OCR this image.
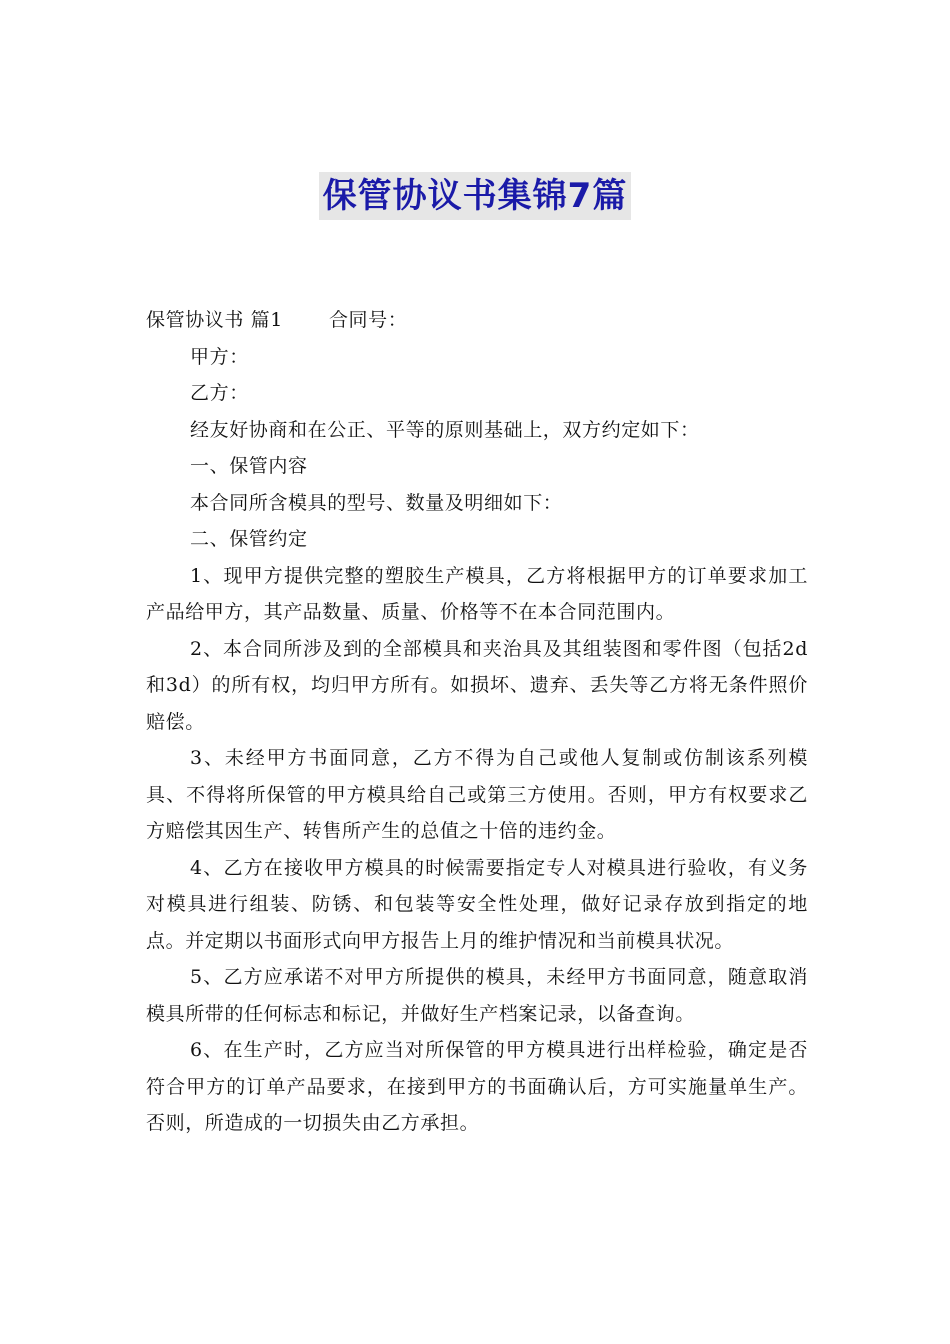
保管协议书集锦7篇

保管协议书 篇1 合同号：

甲方：

乙方：

经友好协商和在公正、平等的原则基础上，双方约定如下：

一、保管内容

本合同所含模具的型号、数量及明细如下：

二、保管约定

1、现甲方提供完整的塑胶生产模具，乙方将根据甲方的订单要求加工产品给甲方，其产品数量、质量、价格等不在本合同范围内。

2、本合同所涉及到的全部模具和夹治具及其组装图和零件图（包括2d和3d）的所有权，均归甲方所有。如损坏、遗弃、丢失等乙方将无条件照价赔偿。

3、未经甲方书面同意，乙方不得为自己或他人复制或仿制该系列模具、不得将所保管的甲方模具给自己或第三方使用。否则，甲方有权要求乙方赔偿其因生产、转售所产生的总值之十倍的违约金。

4、乙方在接收甲方模具的时候需要指定专人对模具进行验收，有义务对模具进行组装、防锈、和包装等安全性处理，做好记录存放到指定的地点。并定期以书面形式向甲方报告上月的维护情况和当前模具状况。

5、乙方应承诺不对甲方所提供的模具，未经甲方书面同意，随意取消模具所带的任何标志和标记，并做好生产档案记录，以备查询。

6、在生产时，乙方应当对所保管的甲方模具进行出样检验，确定是否符合甲方的订单产品要求，在接到甲方的书面确认后，方可实施量单生产。否则，所造成的一切损失由乙方承担。
